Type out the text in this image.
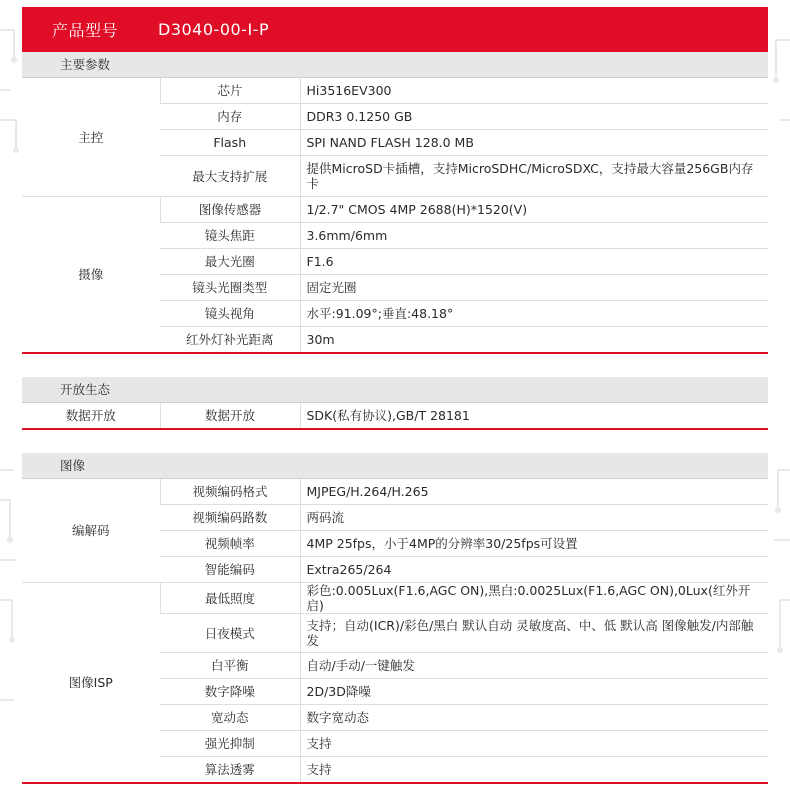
产品型号	D3040-00-I-P
主要参数		
主控	芯片	Hi3516EV300
	内存	DDR3 0.1250 GB
	Flash	SPI NAND FLASH 128.0 MB
	最大支持扩展	提供MicroSD卡插槽，支持MicroSDHC/MicroSDXC，支持最大容量256GB内存卡
摄像	图像传感器	1/2.7" CMOS 4MP 2688(H)*1520(V)
	镜头焦距	3.6mm/6mm
	最大光圈	F1.6
	镜头光圈类型	固定光圈
	镜头视角	水平:91.09°;垂直:48.18°
	红外灯补光距离	30m
开放生态
数据开放	数据开放	SDK(私有协议),GB/T 28181
图像		
编解码	视频编码格式	MJPEG/H.264/H.265
	视频编码路数	两码流
	视频帧率	4MP 25fps，小于4MP的分辨率30/25fps可设置
	智能编码	Extra265/264
图像ISP	最低照度	彩色:0.005Lux(F1.6,AGC ON),黑白:0.0025Lux(F1.6,AGC ON),0Lux(红外开启)
	日夜模式	支持；自动(ICR)/彩色/黑白 默认自动 灵敏度高、中、低 默认高 图像触发/内部触发
	白平衡	自动/手动/一键触发
	数字降噪	2D/3D降噪
	宽动态	数字宽动态
	强光抑制	支持
	算法透雾	支持
